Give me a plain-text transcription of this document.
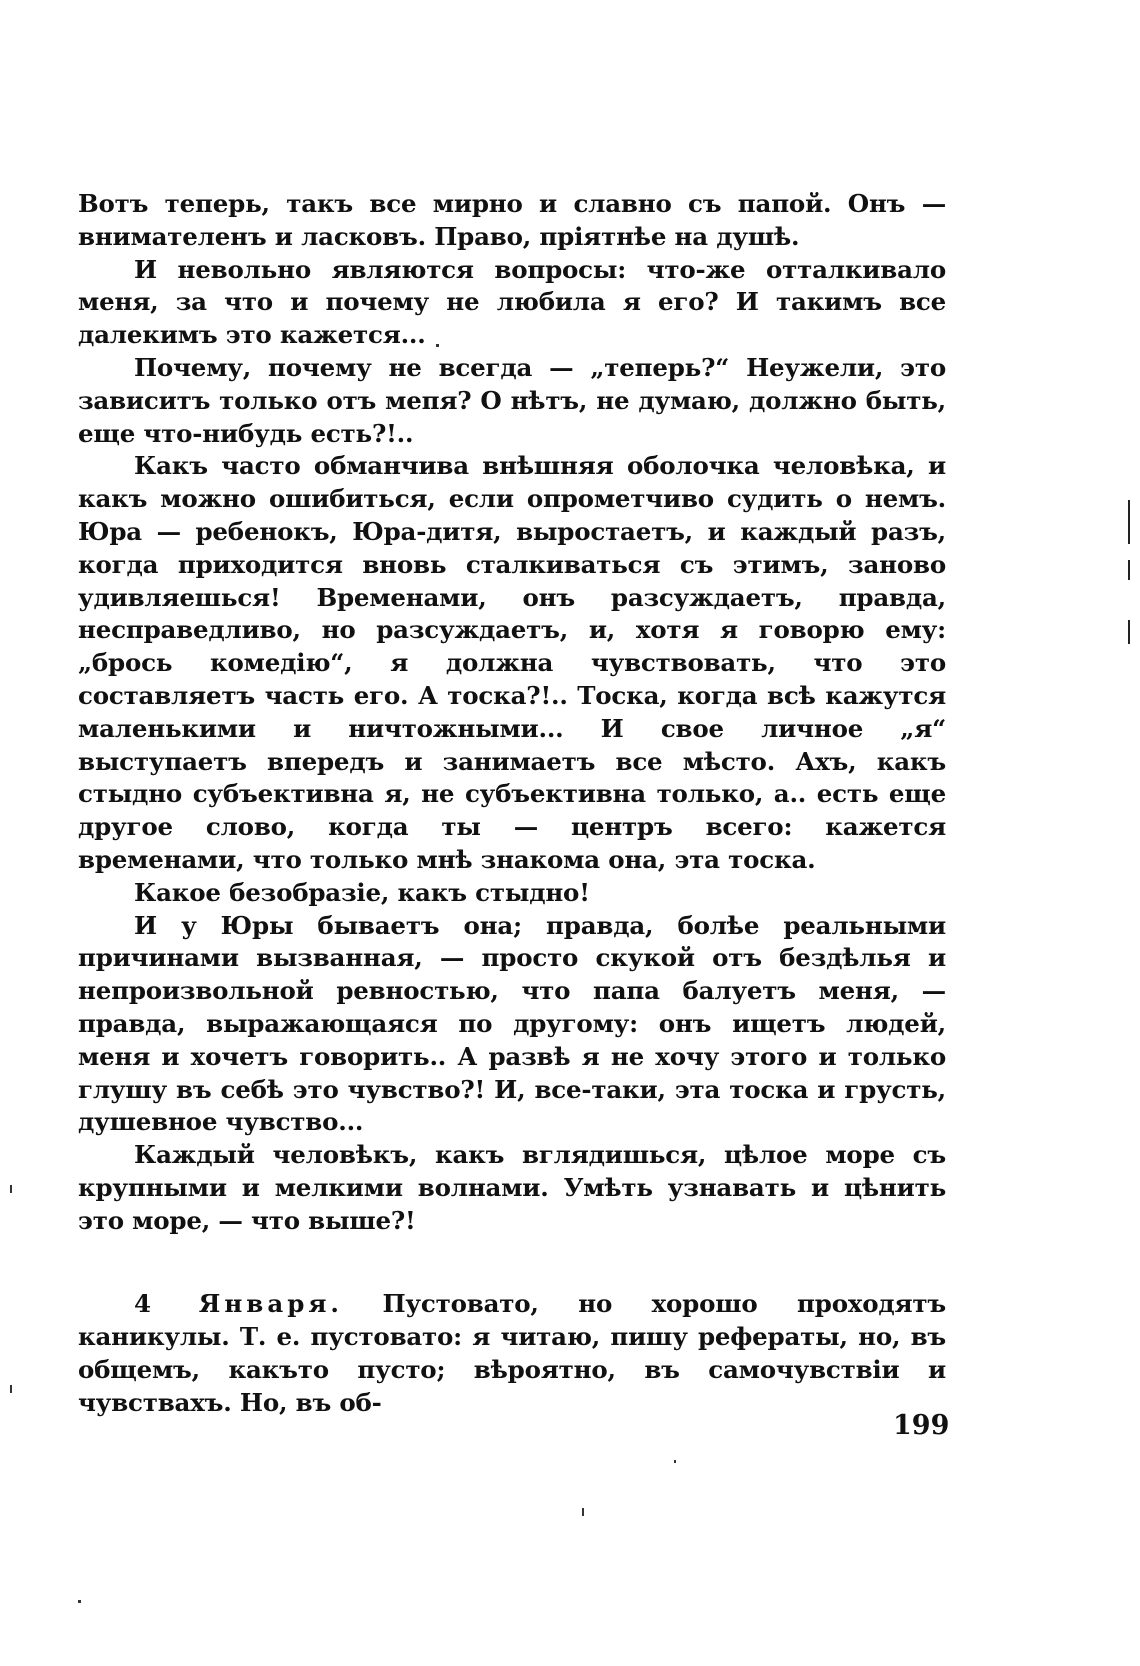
Вотъ теперь, такъ все мирно и славно съ папой. Онъ — внимателенъ и ласковъ. Право, пріятнѣе на душѣ.

И невольно являются вопросы: что-же отталкивало меня, за что и почему не любила я его? И такимъ все далекимъ это кажется...

Почему, почему не всегда — „теперь?“ Неужели, это зависитъ только отъ мепя? О нѣтъ, не думаю, должно быть, еще что-нибудь есть?!..

Какъ часто обманчива внѣшняя оболочка человѣка, и какъ можно ошибиться, если опрометчиво судить о немъ. Юра — ребенокъ, Юра-дитя, выростаетъ, и каждый разъ, когда приходится вновь сталкиваться съ этимъ, заново удивляешься! Временами, онъ разсуждаетъ, правда, несправедливо, но разсуждаетъ, и, хотя я говорю ему: „брось комедію“, я должна чувствовать, что это составляетъ часть его. А тоска?!.. Тоска, когда всѣ кажутся маленькими и ничтожными... И свое личное „я“ выступаетъ впередъ и занимаетъ все мѣсто. Ахъ, какъ стыдно субъективна я, не субъективна только, а.. есть еще другое слово, когда ты — центръ всего: кажется временами, что только мнѣ знакома она, эта тоска.

Какое безобразіе, какъ стыдно!

И у Юры бываетъ она; правда, болѣе реальными причинами вызванная, — просто скукой отъ бездѣлья и непроизвольной ревностью, что папа балуетъ меня, — правда, выражающаяся по другому: онъ ищетъ людей, меня и хочетъ говорить.. А развѣ я не хочу этого и только глушу въ себѣ это чувство?! И, все-таки, эта тоска и грусть, душевное чувство...

Каждый человѣкъ, какъ вглядишься, цѣлое море съ крупными и мелкими волнами. Умѣть узнавать и цѣнить это море, — что выше?!

4 Января. Пустовато, но хорошо проходятъ каникулы. Т. е. пустовато: я читаю, пишу рефераты, но, въ общемъ, какъто пусто; вѣроятно, въ самочувствіи и чувствахъ. Но, въ об-

199
